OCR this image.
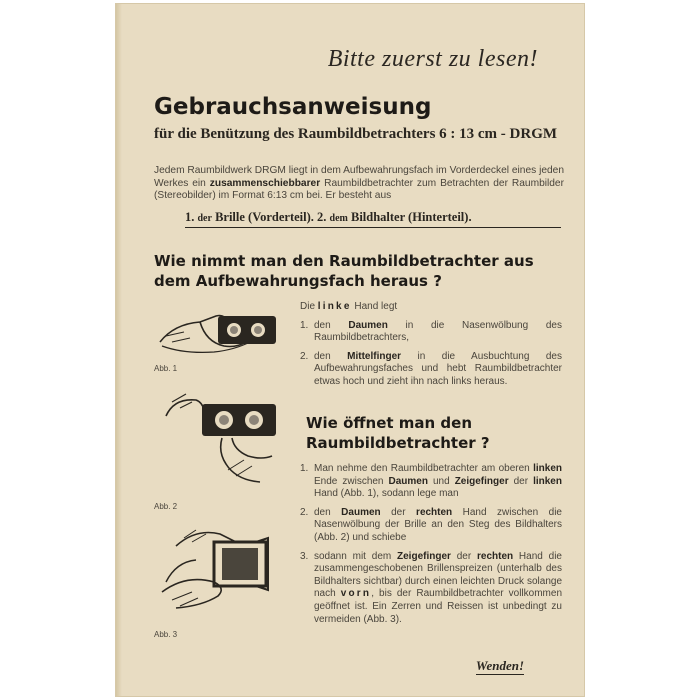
Bitte zuerst zu lesen!
Gebrauchsanweisung
für die Benützung des Raumbildbetrachters 6 : 13 cm - DRGM
Jedem Raumbildwerk DRGM liegt in dem Aufbewahrungsfach im Vorderdeckel eines jeden Werkes ein zusammenschiebbarer Raumbildbetrachter zum Betrachten der Raumbilder (Stereobilder) im Format 6:13 cm bei. Er besteht aus
1. der Brille (Vorderteil). 2. dem Bildhalter (Hinterteil).
Wie nimmt man den Raumbildbetrachter aus dem Aufbewahrungsfach heraus ?
Abb. 1
Abb. 2
Abb. 3
Die linke Hand legt
1. den Daumen in die Nasenwölbung des Raumbildbetrachters,
2. den Mittelfinger in die Ausbuchtung des Aufbewahrungsfaches und hebt Raumbildbetrachter etwas hoch und zieht ihn nach links heraus.
Wie öffnet man den Raumbildbetrachter ?
1. Man nehme den Raumbildbetrachter am oberen linken Ende zwischen Daumen und Zeigefinger der linken Hand (Abb. 1), sodann lege man
2. den Daumen der rechten Hand zwischen die Nasenwölbung der Brille an den Steg des Bildhalters (Abb. 2) und schiebe
3. sodann mit dem Zeigefinger der rechten Hand die zusammengeschobenen Brillenspreizen (unterhalb des Bildhalters sichtbar) durch einen leichten Druck solange nach vorn, bis der Raumbildbetrachter vollkommen geöffnet ist. Ein Zerren und Reissen ist unbedingt zu vermeiden (Abb. 3).
Wenden!
